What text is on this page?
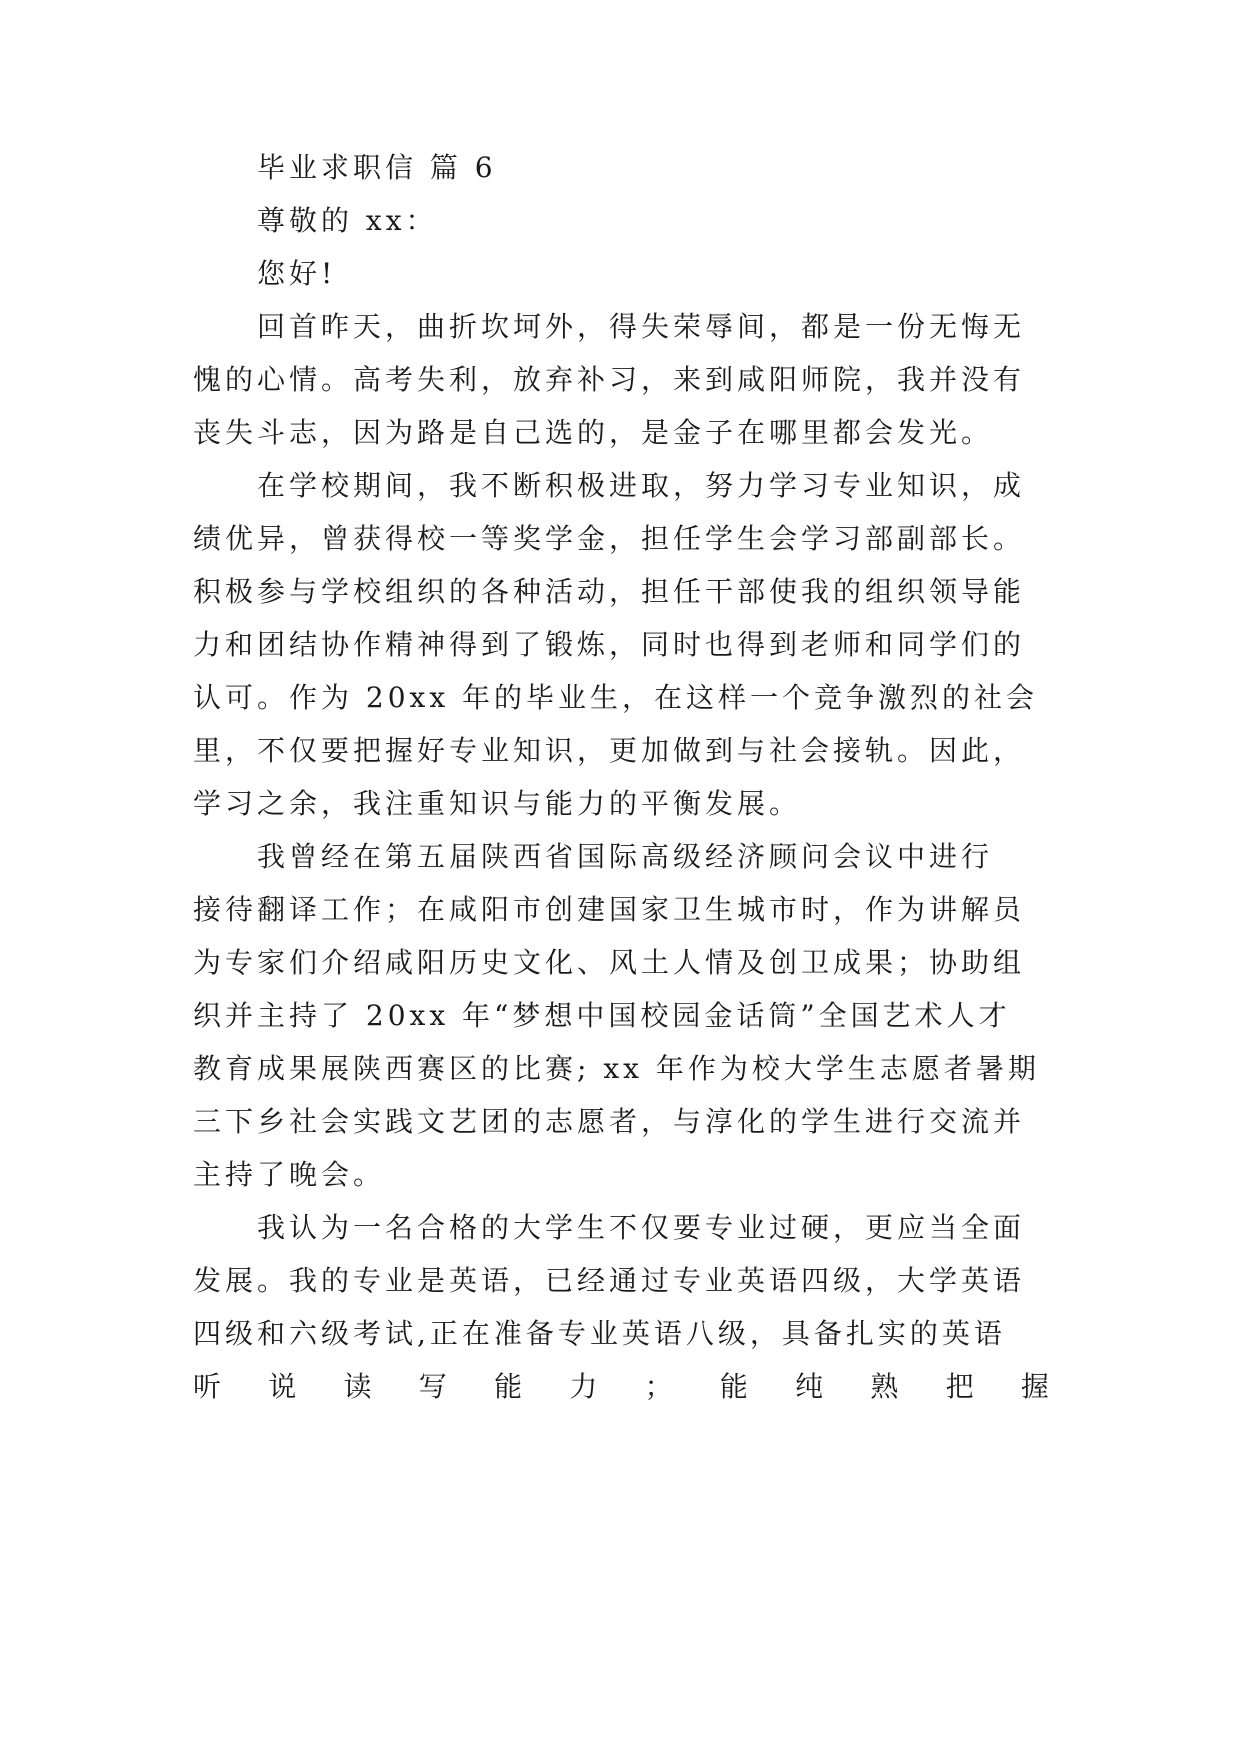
毕业求职信 篇 6
尊敬的 xx：
您好!
回首昨天，曲折坎坷外，得失荣辱间，都是一份无悔无
愧的心情。高考失利，放弃补习，来到咸阳师院，我并没有
丧失斗志，因为路是自己选的，是金子在哪里都会发光。
在学校期间，我不断积极进取，努力学习专业知识，成
绩优异，曾获得校一等奖学金，担任学生会学习部副部长。
积极参与学校组织的各种活动，担任干部使我的组织领导能
力和团结协作精神得到了锻炼，同时也得到老师和同学们的
认可。作为 20xx 年的毕业生，在这样一个竞争激烈的社会
里，不仅要把握好专业知识，更加做到与社会接轨。因此，
学习之余，我注重知识与能力的平衡发展。
我曾经在第五届陕西省国际高级经济顾问会议中进行
接待翻译工作；在咸阳市创建国家卫生城市时，作为讲解员
为专家们介绍咸阳历史文化、风土人情及创卫成果；协助组
织并主持了 20xx 年“梦想中国校园金话筒”全国艺术人才
教育成果展陕西赛区的比赛; xx 年作为校大学生志愿者暑期
三下乡社会实践文艺团的志愿者，与淳化的学生进行交流并
主持了晚会。
我认为一名合格的大学生不仅要专业过硬，更应当全面
发展。我的专业是英语，已经通过专业英语四级，大学英语
四级和六级考试,正在准备专业英语八级，具备扎实的英语
听 说 读 写 能 力 ； 能 纯 熟 把 握
